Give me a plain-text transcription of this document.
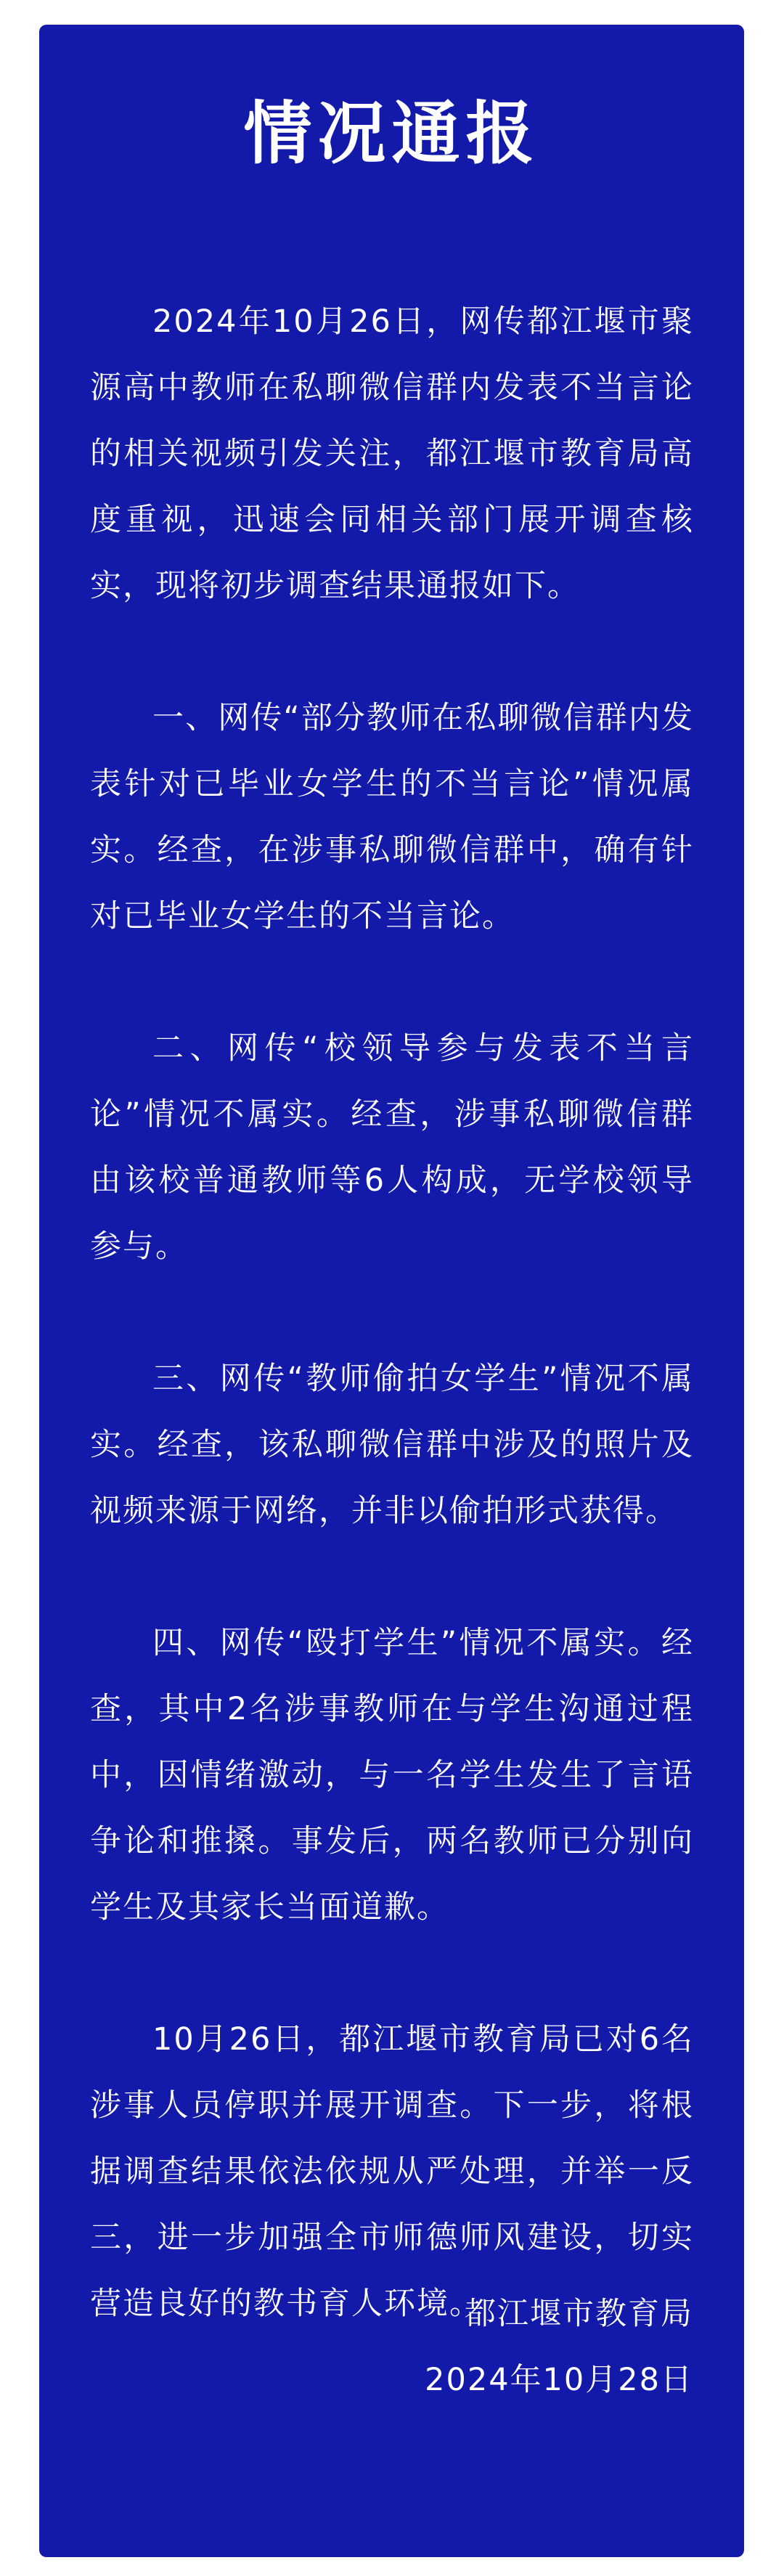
情况通报

2024年10月26日，网传都江堰市聚源高中教师在私聊微信群内发表不当言论的相关视频引发关注，都江堰市教育局高度重视，迅速会同相关部门展开调查核实，现将初步调查结果通报如下。

一、网传“部分教师在私聊微信群内发表针对已毕业女学生的不当言论”情况属实。经查，在涉事私聊微信群中，确有针对已毕业女学生的不当言论。

二、网传“校领导参与发表不当言论”情况不属实。经查，涉事私聊微信群由该校普通教师等6人构成，无学校领导参与。

三、网传“教师偷拍女学生”情况不属实。经查，该私聊微信群中涉及的照片及视频来源于网络，并非以偷拍形式获得。

四、网传“殴打学生”情况不属实。经查，其中2名涉事教师在与学生沟通过程中，因情绪激动，与一名学生发生了言语争论和推搡。事发后，两名教师已分别向学生及其家长当面道歉。

10月26日，都江堰市教育局已对6名涉事人员停职并展开调查。下一步，将根据调查结果依法依规从严处理，并举一反三，进一步加强全市师德师风建设，切实营造良好的教书育人环境。

都江堰市教育局
2024年10月28日
